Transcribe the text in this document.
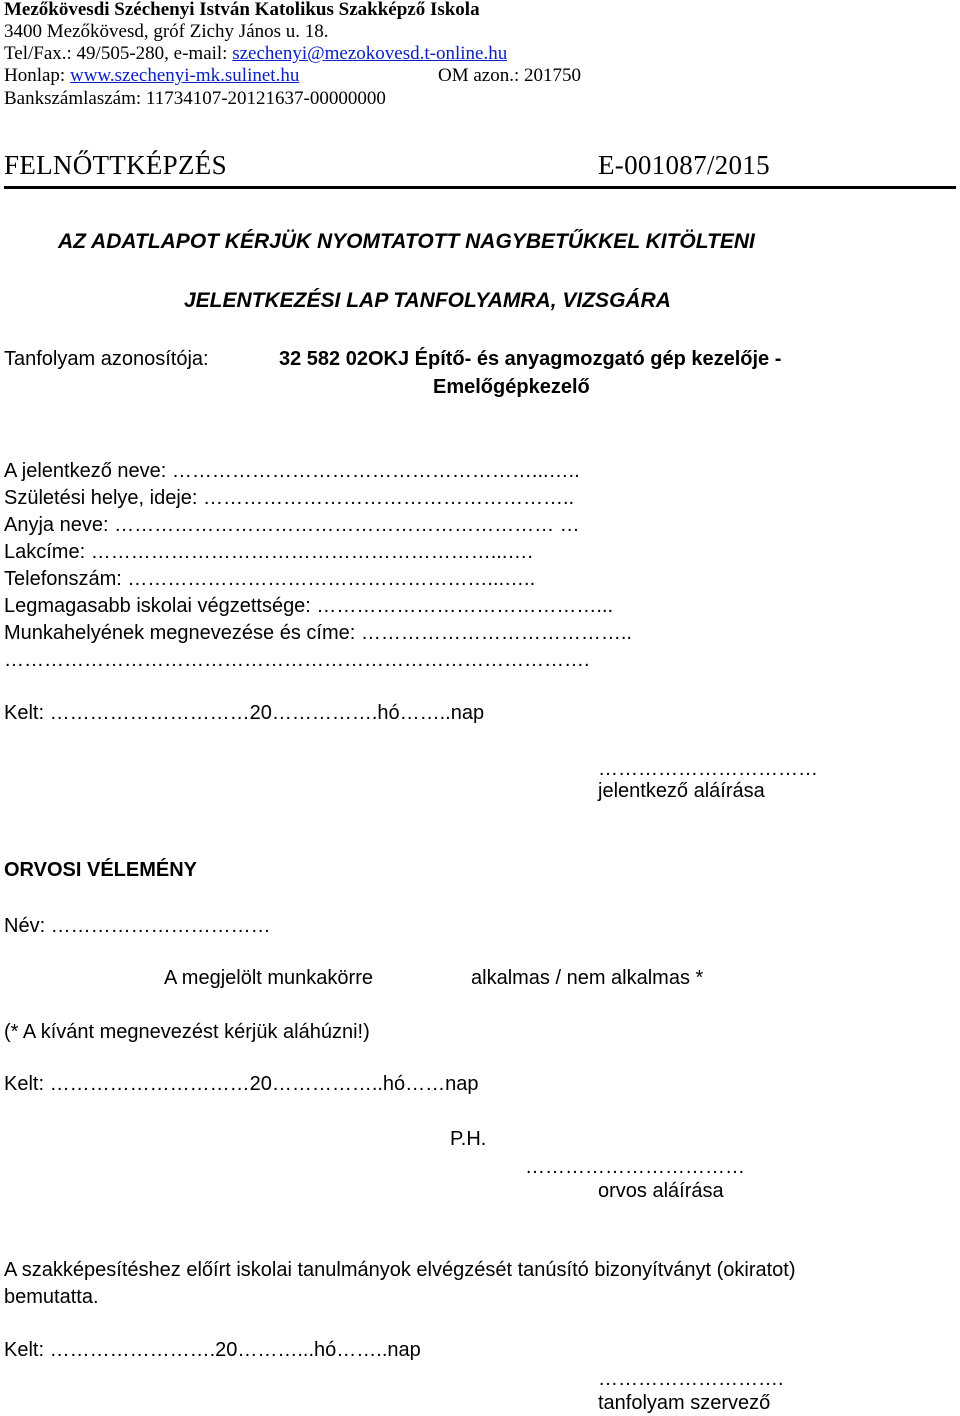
Mezőkövesdi Széchenyi István Katolikus Szakképző Iskola
3400 Mezőkövesd, gróf Zichy János u. 18.
Tel/Fax.: 49/505-280, e-mail: szechenyi@mezokovesd.t-online.hu
Honlap: www.szechenyi-mk.sulinet.hu	OM azon.: 201750
Bankszámlaszám: 11734107-20121637-00000000
FELNŐTTKÉPZÉS	E-001087/2015
AZ ADATLAPOT KÉRJÜK NYOMTATOTT NAGYBETŰKKEL KITÖLTENI
JELENTKEZÉSI LAP TANFOLYAMRA, VIZSGÁRA
Tanfolyam azonosítója:	32 582 02OKJ Építő- és anyagmozgató gép kezelője -
Emelőgépkezelő
A jelentkező neve: ………………………………………………...…..
Születési helye, ideje: ………………………………………………..
Anyja neve: ………………………………………………………… …
Lakcíme: ……………………………………………………...….
Telefonszám: ………………………………………………...…..
Legmagasabb iskolai végzettsége: ……………………………………...
Munkahelyének megnevezése és címe: …………………………………..
…………………………………………………………………………….
Kelt: …………………………20…………….hó……..nap
……………………………
jelentkező aláírása
ORVOSI VÉLEMÉNY
Név: ……………………………
A megjelölt munkakörre	alkalmas / nem alkalmas *
(* A kívánt megnevezést kérjük aláhúzni!)
Kelt: …………………………20……………..hó……nap
P.H.
……………………………
orvos aláírása
A szakképesítéshez előírt iskolai tanulmányok elvégzését tanúsító bizonyítványt (okiratot)
bemutatta.
Kelt: …………………….20………...hó……..nap
……………………….
tanfolyam szervező
